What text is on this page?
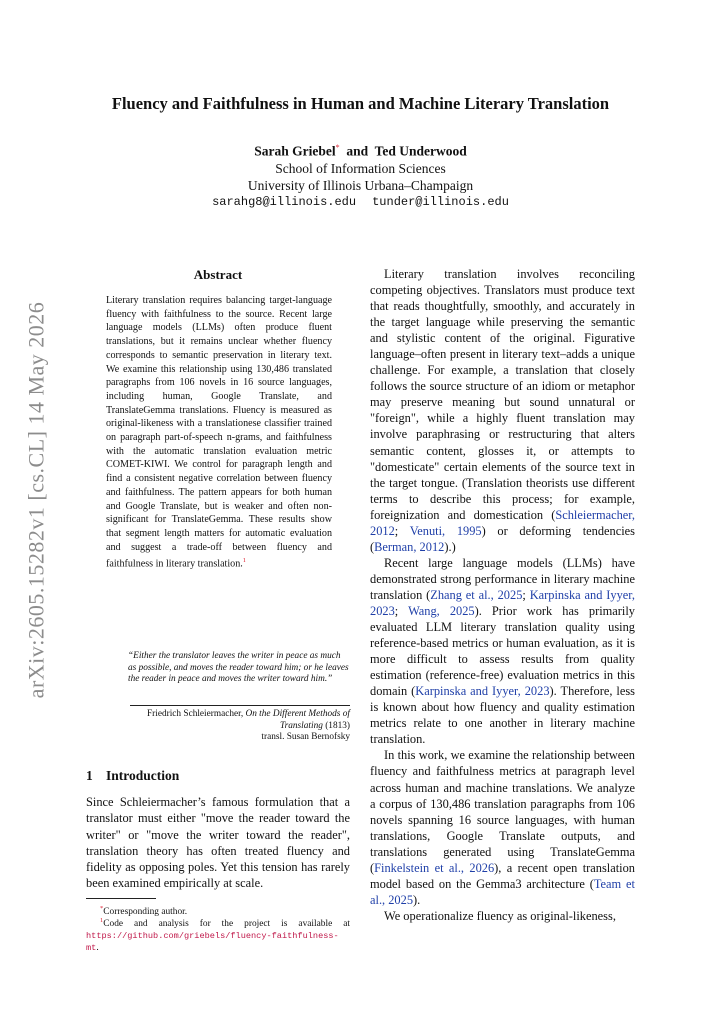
arXiv:2605.15282v1 [cs.CL] 14 May 2026
Fluency and Faithfulness in Human and Machine Literary Translation
Sarah Griebel* and Ted Underwood
School of Information Sciences
University of Illinois Urbana–Champaign
sarahg8@illinois.edu tunder@illinois.edu
Abstract
Literary translation requires balancing target-language fluency with faithfulness to the source. Recent large language models (LLMs) often produce fluent translations, but it remains unclear whether fluency corresponds to semantic preservation in literary text. We examine this relationship using 130,486 translated paragraphs from 106 novels in 16 source languages, including human, Google Translate, and TranslateGemma translations. Fluency is measured as original-likeness with a translationese classifier trained on paragraph part-of-speech n-grams, and faithfulness with the automatic translation evaluation metric COMET-KIWI. We control for paragraph length and find a consistent negative correlation between fluency and faithfulness. The pattern appears for both human and Google Translate, but is weaker and often non-significant for TranslateGemma. These results show that segment length matters for automatic evaluation and suggest a trade-off between fluency and faithfulness in literary translation.$^1$
“Either the translator leaves the writer in peace as much as possible, and moves the reader toward him; or he leaves the reader in peace and moves the writer toward him.”
Friedrich Schleiermacher, On the Different Methods of Translating (1813)
transl. Susan Bernofsky
1 Introduction
Since Schleiermacher’s famous formulation that a translator must either "move the reader toward the writer" or "move the writer toward the reader", translation theory has often treated fluency and fidelity as opposing poles. Yet this tension has rarely been examined empirically at scale.
*Corresponding author.
$^1$Code and analysis for the project is available at https://github.com/griebels/fluency-faithfulness-mt.

Literary translation involves reconciling competing objectives. Translators must produce text that reads thoughtfully, smoothly, and accurately in the target language while preserving the semantic and stylistic content of the original. Figurative language–often present in literary text–adds a unique challenge. For example, a translation that closely follows the source structure of an idiom or metaphor may preserve meaning but sound unnatural or "foreign", while a highly fluent translation may involve paraphrasing or restructuring that alters semantic content, glosses it, or attempts to "domesticate" certain elements of the source text in the target tongue. (Translation theorists use different terms to describe this process; for example, foreignization and domestication (Schleiermacher, 2012; Venuti, 1995) or deforming tendencies (Berman, 2012).)

Recent large language models (LLMs) have demonstrated strong performance in literary machine translation (Zhang et al., 2025; Karpinska and Iyyer, 2023; Wang, 2025). Prior work has primarily evaluated LLM literary translation quality using reference-based metrics or human evaluation, as it is more difficult to assess results from quality estimation (reference-free) evaluation metrics in this domain (Karpinska and Iyyer, 2023). Therefore, less is known about how fluency and quality estimation metrics relate to one another in literary machine translation.

In this work, we examine the relationship between fluency and faithfulness metrics at paragraph level across human and machine translations. We analyze a corpus of 130,486 translation paragraphs from 106 novels spanning 16 source languages, with human translations, Google Translate outputs, and translations generated using TranslateGemma (Finkelstein et al., 2026), a recent open translation model based on the Gemma3 architecture (Team et al., 2025).

We operationalize fluency as original-likeness,
